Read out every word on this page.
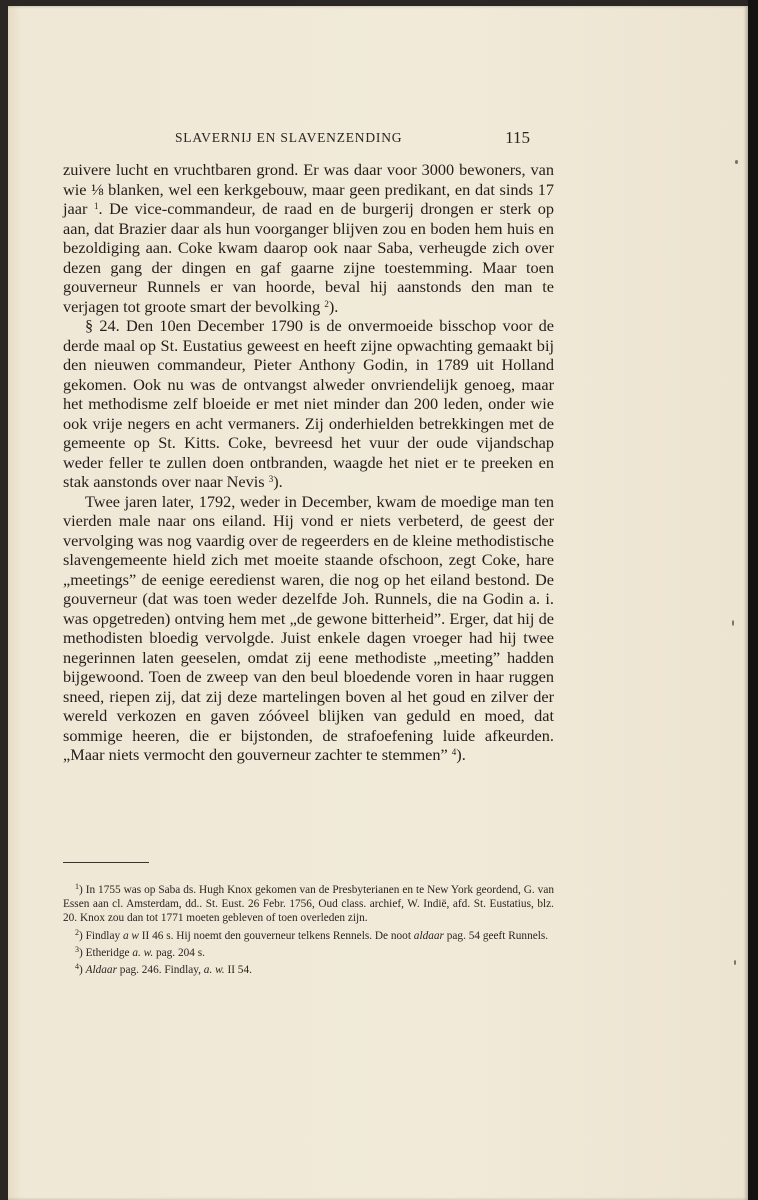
SLAVERNIJ EN SLAVENZENDING	115

zuivere lucht en vruchtbaren grond. Er was daar voor 3000 bewoners, van wie ⅛ blanken, wel een kerkgebouw, maar geen predikant, en dat sinds 17 jaar $^1$. De vice-commandeur, de raad en de burgerij drongen er sterk op aan, dat Brazier daar als hun voorganger blijven zou en boden hem huis en bezoldiging aan. Coke kwam daarop ook naar Saba, verheugde zich over dezen gang der dingen en gaf gaarne zijne toestemming. Maar toen gouverneur Runnels er van hoorde, beval hij aanstonds den man te verjagen tot groote smart der bevolking $^2$).

§ 24. Den 10en December 1790 is de onvermoeide bisschop voor de derde maal op St. Eustatius geweest en heeft zijne opwachting gemaakt bij den nieuwen commandeur, Pieter Anthony Godin, in 1789 uit Holland gekomen. Ook nu was de ontvangst alweder onvriendelijk genoeg, maar het methodisme zelf bloeide er met niet minder dan 200 leden, onder wie ook vrije negers en acht vermaners. Zij onderhielden betrekkingen met de gemeente op St. Kitts. Coke, bevreesd het vuur der oude vijandschap weder feller te zullen doen ontbranden, waagde het niet er te preeken en stak aanstonds over naar Nevis $^3$).

Twee jaren later, 1792, weder in December, kwam de moedige man ten vierden male naar ons eiland. Hij vond er niets verbeterd, de geest der vervolging was nog vaardig over de regeerders en de kleine methodistische slavengemeente hield zich met moeite staande ofschoon, zegt Coke, hare „meetings” de eenige eeredienst waren, die nog op het eiland bestond. De gouverneur (dat was toen weder dezelfde Joh. Runnels, die na Godin a. i. was opgetreden) ontving hem met „de gewone bitterheid”. Erger, dat hij de methodisten bloedig vervolgde. Juist enkele dagen vroeger had hij twee negerinnen laten geeselen, omdat zij eene methodiste „meeting” hadden bijgewoond. Toen de zweep van den beul bloedende voren in haar ruggen sneed, riepen zij, dat zij deze martelingen boven al het goud en zilver der wereld verkozen en gaven zóóveel blijken van geduld en moed, dat sommige heeren, die er bijstonden, de strafoefening luide afkeurden. „Maar niets vermocht den gouverneur zachter te stemmen” $^4$).

$^1$) In 1755 was op Saba ds. Hugh Knox gekomen van de Presbyterianen en te New York geordend, G. van Essen aan cl. Amsterdam, dd.. St. Eust. 26 Febr. 1756, Oud class. archief, W. Indië, afd. St. Eustatius, blz. 20. Knox zou dan tot 1771 moeten gebleven of toen overleden zijn.

$^2$) Findlay a w II 46 s. Hij noemt den gouverneur telkens Rennels. De noot aldaar pag. 54 geeft Runnels.

$^3$) Etheridge a. w. pag. 204 s.

$^4$) Aldaar pag. 246. Findlay, a. w. II 54.
